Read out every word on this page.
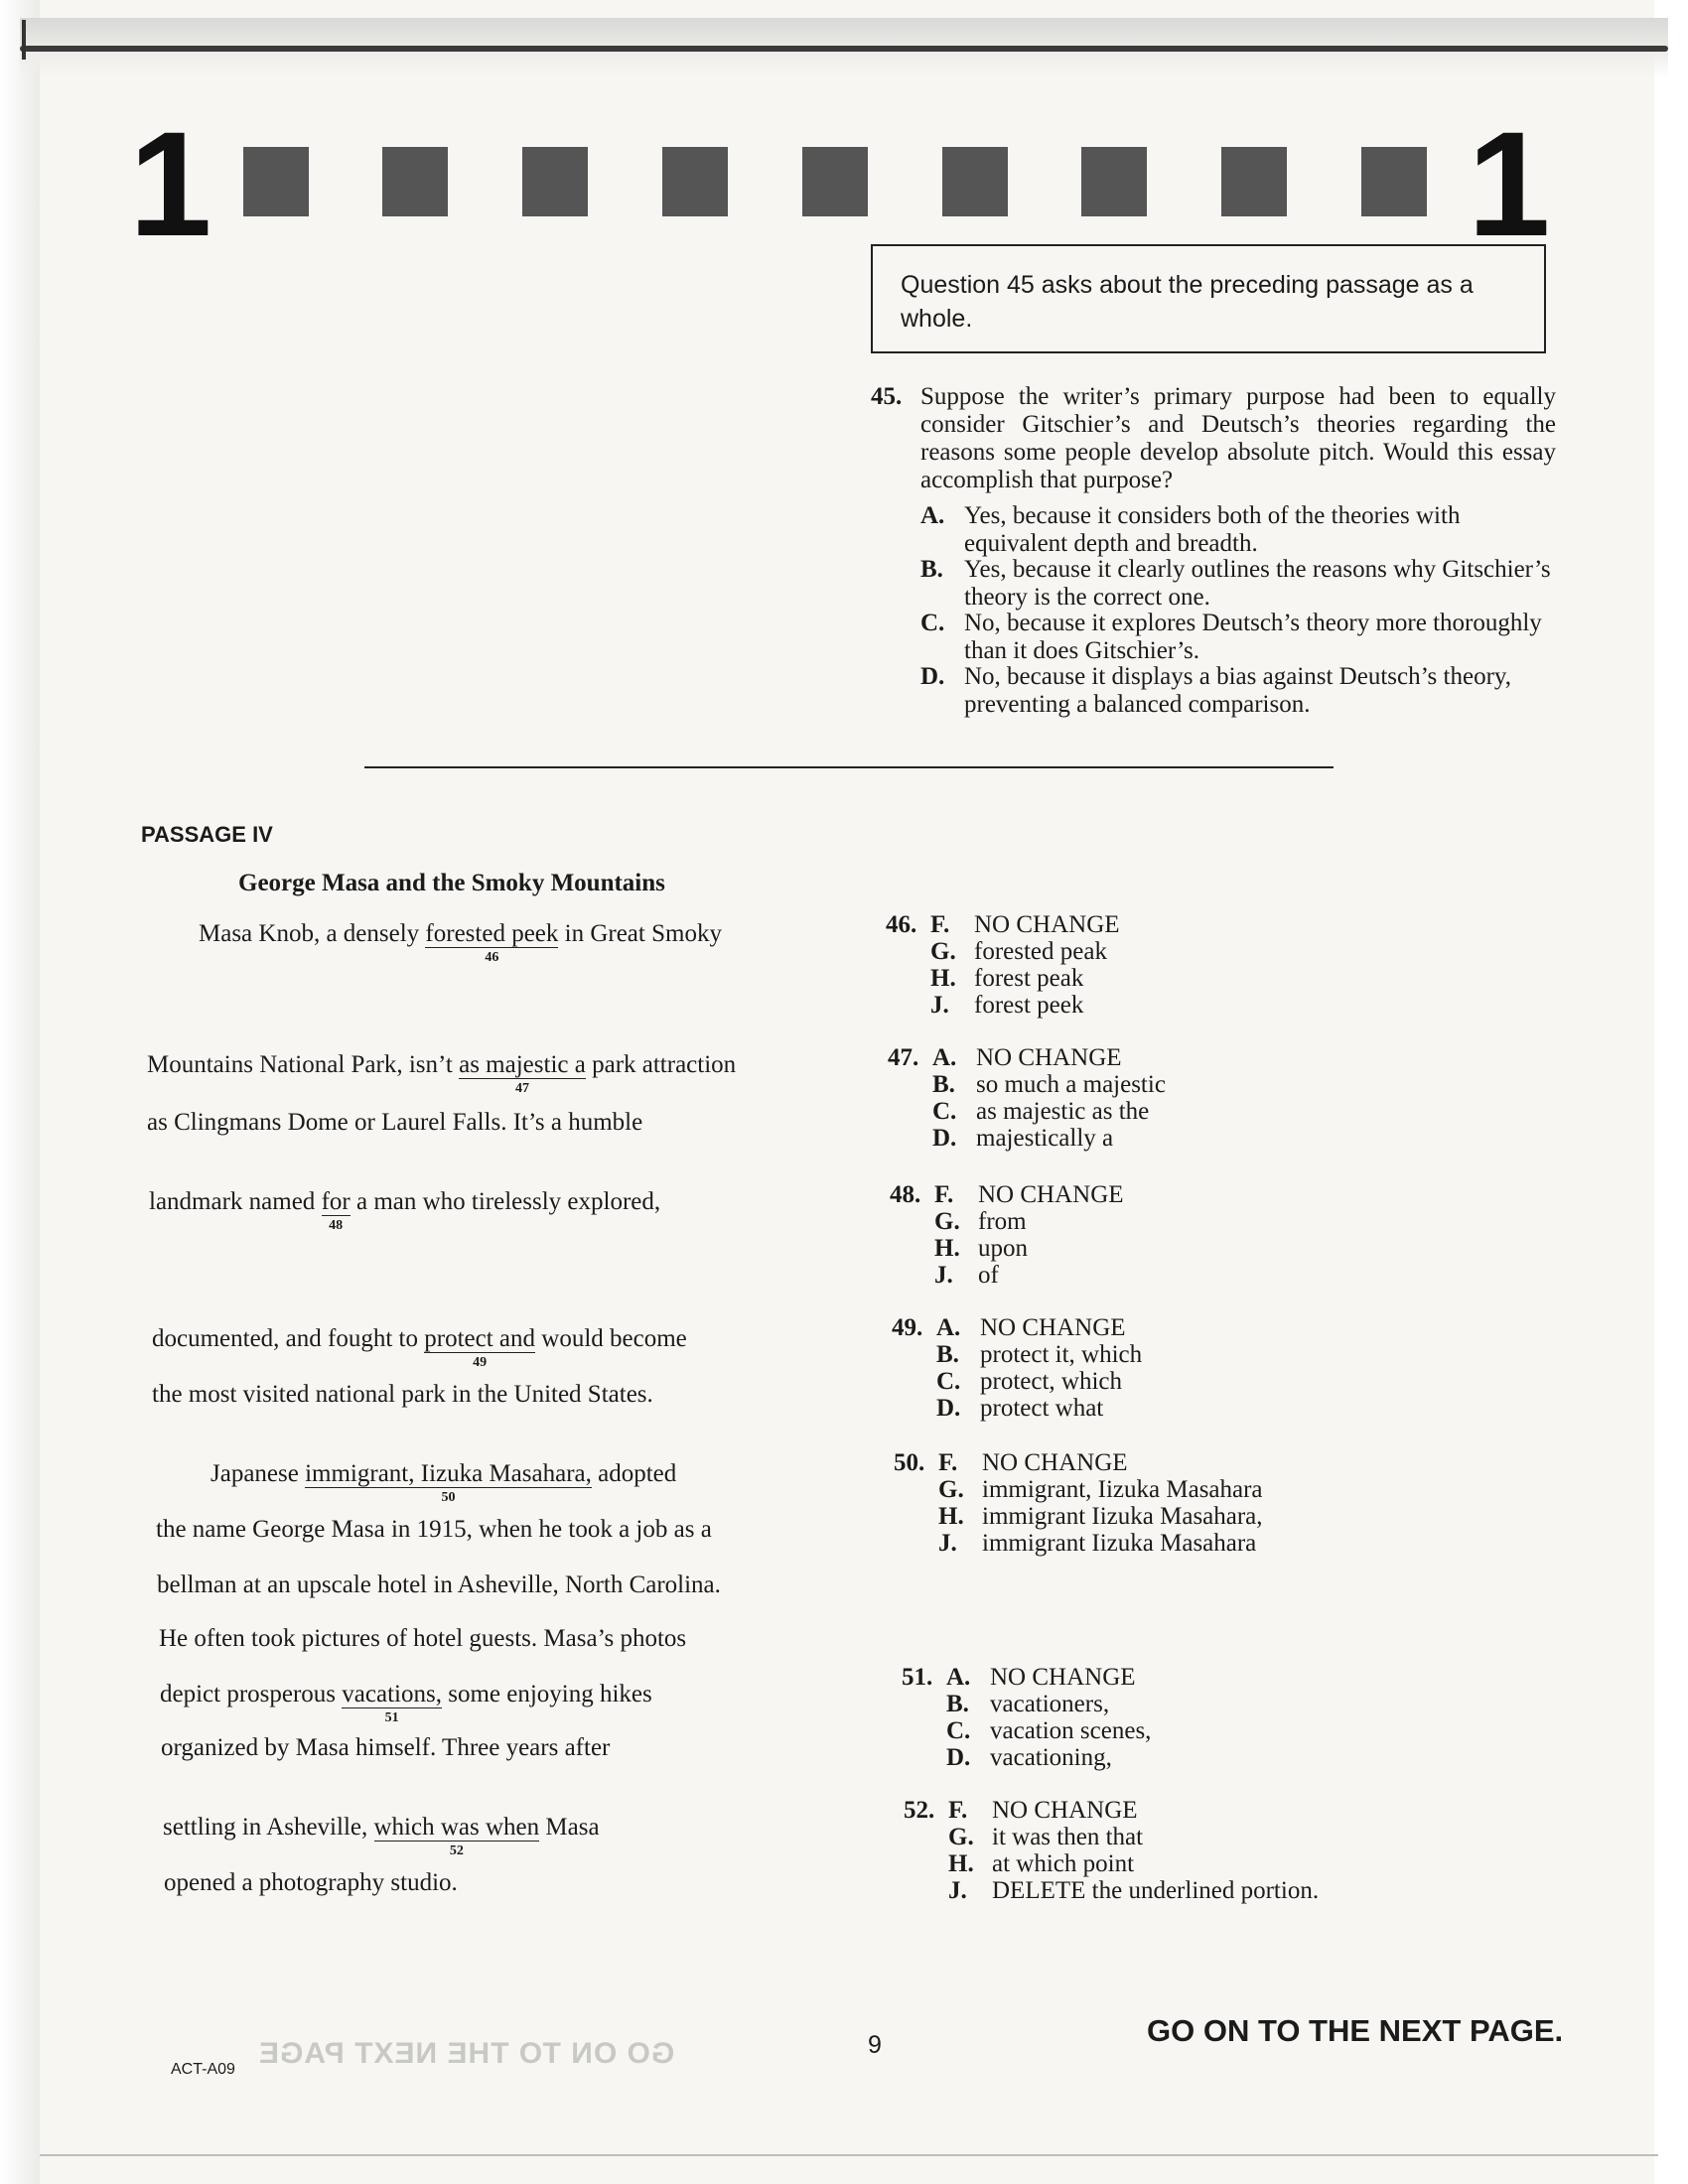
1	1
Question 45 asks about the preceding passage as a whole.
45. Suppose the writer’s primary purpose had been to equally consider Gitschier’s and Deutsch’s theories regarding the reasons some people develop absolute pitch. Would this essay accomplish that purpose?
A. Yes, because it considers both of the theories with equivalent depth and breadth.
B. Yes, because it clearly outlines the reasons why Gitschier’s theory is the correct one.
C. No, because it explores Deutsch’s theory more thoroughly than it does Gitschier’s.
D. No, because it displays a bias against Deutsch’s theory, preventing a balanced comparison.
PASSAGE IV
George Masa and the Smoky Mountains
Masa Knob, a densely forested peek
46
in Great Smoky
Mountains National Park, isn’t as majestic a
47
park attraction
as Clingmans Dome or Laurel Falls. It’s a humble
landmark named for
48
a man who tirelessly explored,
documented, and fought to protect and
49
would become
the most visited national park in the United States.
Japanese immigrant, Iizuka Masahara,
50
adopted
the name George Masa in 1915, when he took a job as a
bellman at an upscale hotel in Asheville, North Carolina.
He often took pictures of hotel guests. Masa’s photos
depict prosperous vacations,
51
some enjoying hikes
organized by Masa himself. Three years after
settling in Asheville, which was when
52
Masa
opened a photography studio.
46. F. NO CHANGE
G. forested peak
H. forest peak
J. forest peek
47. A. NO CHANGE
B. so much a majestic
C. as majestic as the
D. majestically a
48. F. NO CHANGE
G. from
H. upon
J. of
49. A. NO CHANGE
B. protect it, which
C. protect, which
D. protect what
50. F. NO CHANGE
G. immigrant, Iizuka Masahara
H. immigrant Iizuka Masahara,
J. immigrant Iizuka Masahara
51. A. NO CHANGE
B. vacationers,
C. vacation scenes,
D. vacationing,
52. F. NO CHANGE
G. it was then that
H. at which point
J. DELETE the underlined portion.
GO ON TO THE NEXT PAGE
ACT-A09
9	GO ON TO THE NEXT PAGE.
